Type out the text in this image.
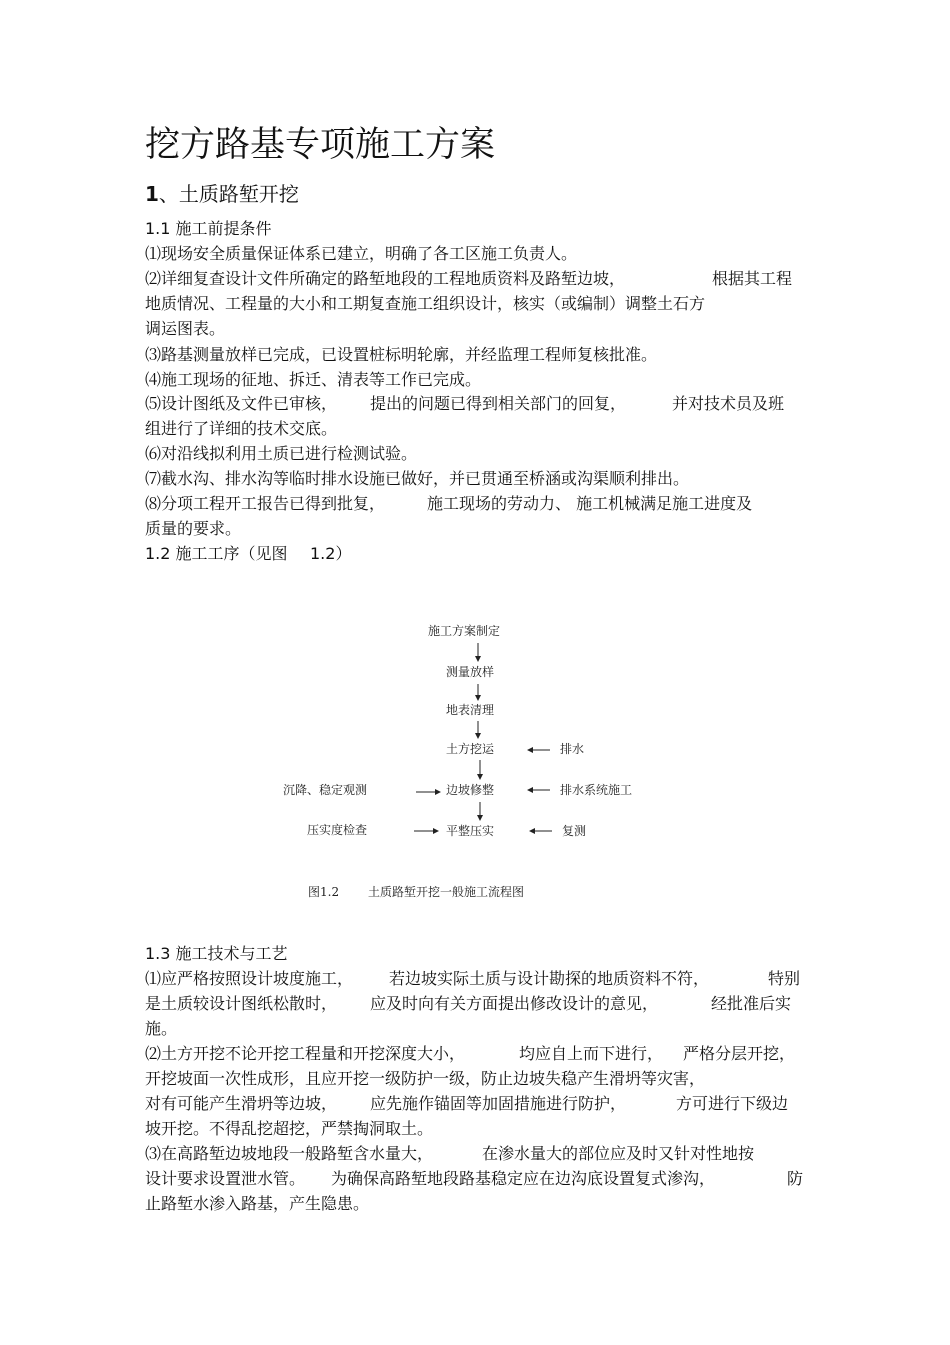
挖方路基专项施工方案
1、土质路堑开挖
1.1 施工前提条件
⑴现场安全质量保证体系已建立，明确了各工区施工负责人。
⑵详细复查设计文件所确定的路堑地段的工程地质资料及路堑边坡，	根据其工程
地质情况、工程量的大小和工期复查施工组织设计，核实（或编制）调整土石方
调运图表。
⑶路基测量放样已完成，已设置桩标明轮廓，并经监理工程师复核批准。
⑷施工现场的征地、拆迁、清表等工作已完成。
⑸设计图纸及文件已审核， 提出的问题已得到相关部门的回复，	并对技术员及班
组进行了详细的技术交底。
⑹对沿线拟利用土质已进行检测试验。
⑺截水沟、排水沟等临时排水设施已做好，并已贯通至桥涵或沟渠顺利排出。
⑻分项工程开工报告已得到批复，	施工现场的劳动力、 施工机械满足施工进度及
质量的要求。
1.2 施工工序（见图 1.2）
施工方案制定
测量放样
地表清理
土方挖运
边坡修整
平整压实
排水
排水系统施工
复测
沉降、稳定观测
压实度检查
图1.2 土质路堑开挖一般施工流程图
1.3 施工技术与工艺
⑴应严格按照设计坡度施工， 若边坡实际土质与设计勘探的地质资料不符，	特别
是土质较设计图纸松散时， 应及时向有关方面提出修改设计的意见，	经批准后实
施。
⑵土方开挖不论开挖工程量和开挖深度大小，	均应自上而下进行， 严格分层开挖，
开挖坡面一次性成形，且应开挖一级防护一级，防止边坡失稳产生滑坍等灾害，
对有可能产生滑坍等边坡， 应先施作锚固等加固措施进行防护，	方可进行下级边
坡开挖。不得乱挖超挖，严禁掏洞取土。
⑶在高路堑边坡地段一般路堑含水量大，	在渗水量大的部位应及时又针对性地按
设计要求设置泄水管。 为确保高路堑地段路基稳定应在边沟底设置复式渗沟，	防
止路堑水渗入路基，产生隐患。
